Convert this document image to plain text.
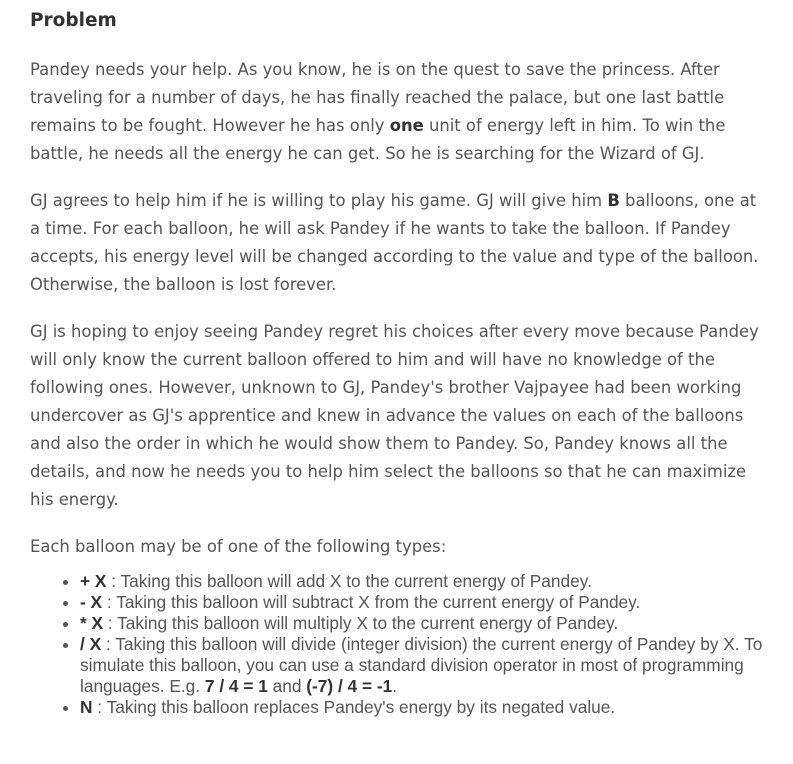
Problem

Pandey needs your help. As you know, he is on the quest to save the princess. After traveling for a number of days, he has finally reached the palace, but one last battle remains to be fought. However he has only one unit of energy left in him. To win the battle, he needs all the energy he can get. So he is searching for the Wizard of GJ.

GJ agrees to help him if he is willing to play his game. GJ will give him B balloons, one at a time. For each balloon, he will ask Pandey if he wants to take the balloon. If Pandey accepts, his energy level will be changed according to the value and type of the balloon. Otherwise, the balloon is lost forever.

GJ is hoping to enjoy seeing Pandey regret his choices after every move because Pandey will only know the current balloon offered to him and will have no knowledge of the following ones. However, unknown to GJ, Pandey's brother Vajpayee had been working undercover as GJ's apprentice and knew in advance the values on each of the balloons and also the order in which he would show them to Pandey. So, Pandey knows all the details, and now he needs you to help him select the balloons so that he can maximize his energy.

Each balloon may be of one of the following types:

• + X : Taking this balloon will add X to the current energy of Pandey.
• - X : Taking this balloon will subtract X from the current energy of Pandey.
• * X : Taking this balloon will multiply X to the current energy of Pandey.
• / X : Taking this balloon will divide (integer division) the current energy of Pandey by X. To simulate this balloon, you can use a standard division operator in most of programming languages. E.g. 7 / 4 = 1 and (-7) / 4 = -1.
• N : Taking this balloon replaces Pandey's energy by its negated value.
